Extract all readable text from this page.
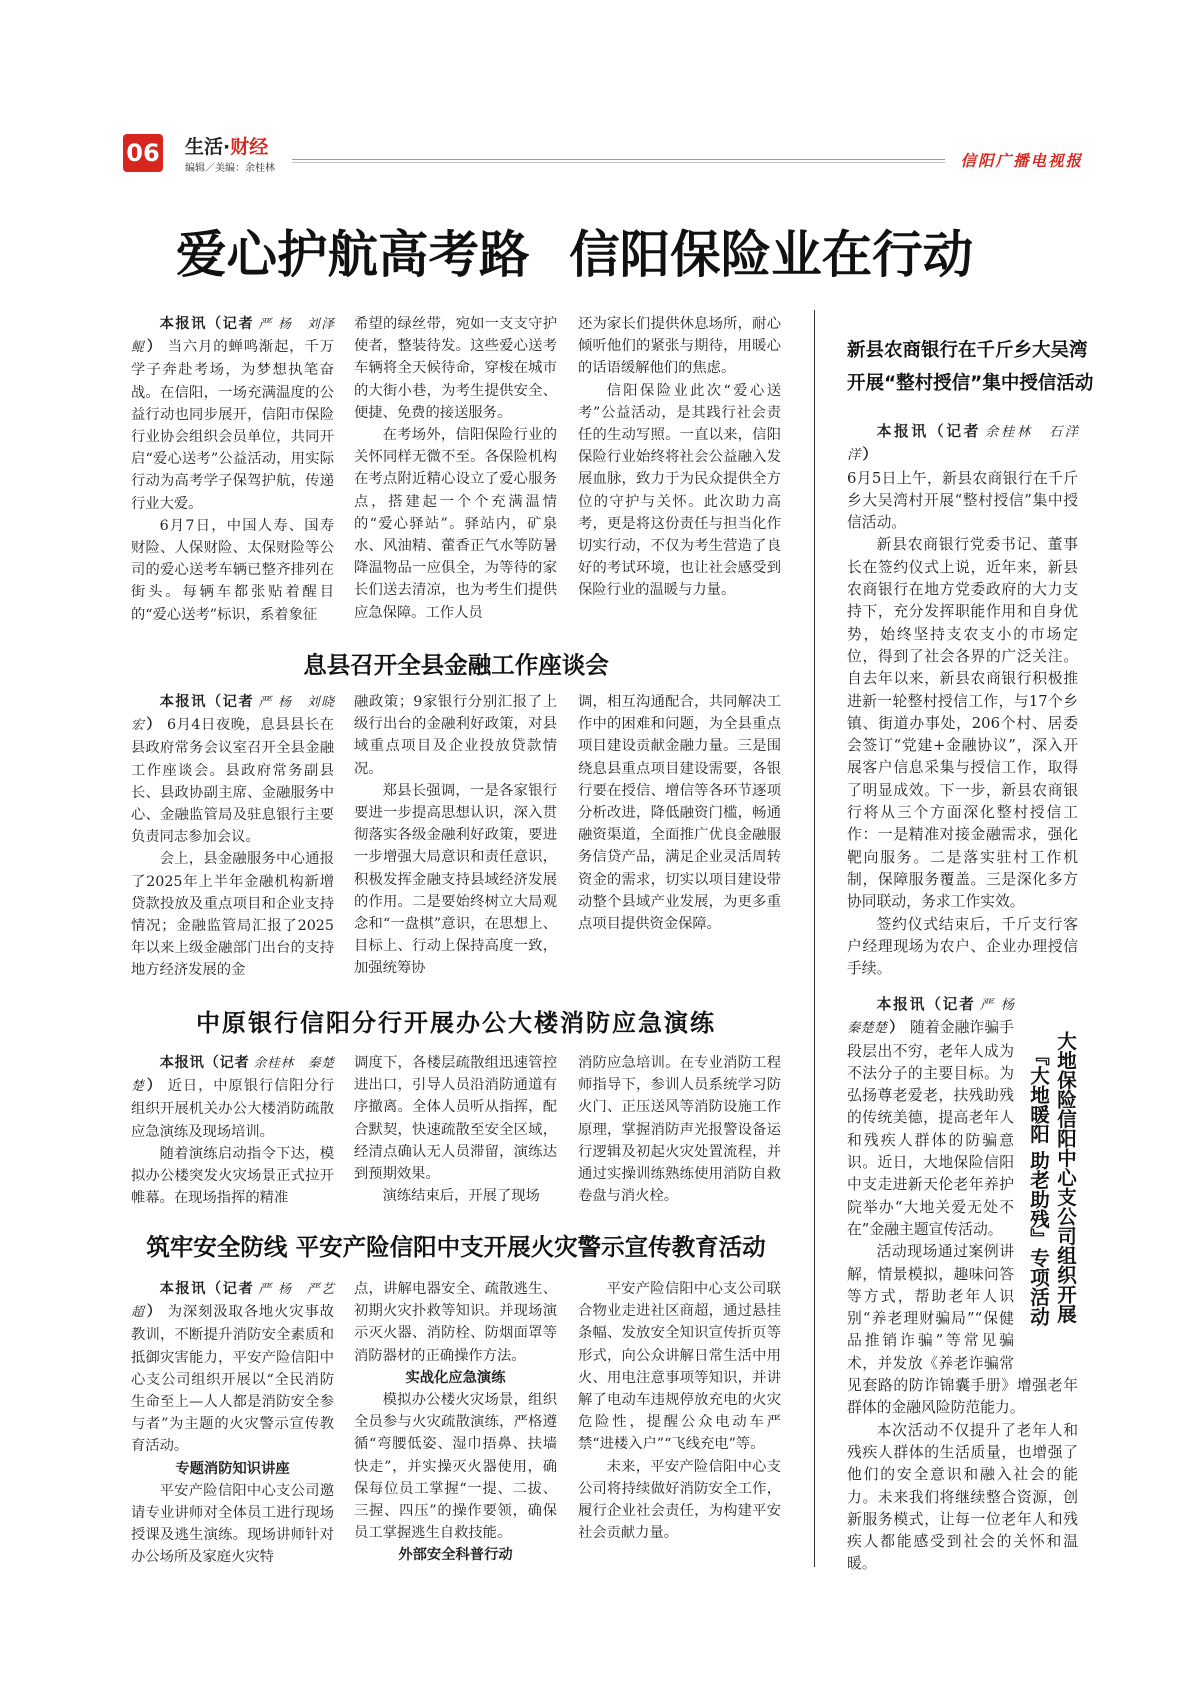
06 生活·财经
编辑／美编：余桂林	信阳广播电视报
爱心护航高考路 信阳保险业在行动

本报讯（记者 严 杨　刘泽鲲 ） 当六月的蝉鸣渐起，千万学子奔赴考场，为梦想执笔奋战。在信阳，一场充满温度的公益行动也同步展开，信阳市保险行业协会组织会员单位，共同开启“爱心送考”公益活动，用实际行动为高考学子保驾护航，传递行业大爱。

6月7日，中国人寿、国寿财险、人保财险、太保财险等公司的爱心送考车辆已整齐排列在街头。每辆车都张贴着醒目的“爱心送考”标识，系着象征

希望的绿丝带，宛如一支支守护使者，整装待发。这些爱心送考车辆将全天候待命，穿梭在城市的大街小巷，为考生提供安全、便捷、免费的接送服务。

在考场外，信阳保险行业的关怀同样无微不至。各保险机构在考点附近精心设立了爱心服务点，搭建起一个个充满温情的“爱心驿站”。驿站内，矿泉水、风油精、藿香正气水等防暑降温物品一应俱全，为等待的家长们送去清凉，也为考生们提供应急保障。工作人员

还为家长们提供休息场所，耐心倾听他们的紧张与期待，用暖心的话语缓解他们的焦虑。

信阳保险业此次“爱心送考”公益活动，是其践行社会责任的生动写照。一直以来，信阳保险行业始终将社会公益融入发展血脉，致力于为民众提供全方位的守护与关怀。此次助力高考，更是将这份责任与担当化作切实行动，不仅为考生营造了良好的考试环境，也让社会感受到保险行业的温暖与力量。

息县召开全县金融工作座谈会

本报讯（记者 严 杨　刘晓宏 ） 6月4日夜晚，息县县长在县政府常务会议室召开全县金融工作座谈会。县政府常务副县长、县政协副主席、金融服务中心、金融监管局及驻息银行主要负责同志参加会议。

会上，县金融服务中心通报了2025年上半年金融机构新增贷款投放及重点项目和企业支持情况；金融监管局汇报了2025年以来上级金融部门出台的支持地方经济发展的金

融政策；9家银行分别汇报了上级行出台的金融利好政策，对县域重点项目及企业投放贷款情况。

郑县长强调，一是各家银行要进一步提高思想认识，深入贯彻落实各级金融利好政策，要进一步增强大局意识和责任意识，积极发挥金融支持县域经济发展的作用。二是要始终树立大局观念和“一盘棋”意识，在思想上、目标上、行动上保持高度一致，加强统筹协

调，相互沟通配合，共同解决工作中的困难和问题，为全县重点项目建设贡献金融力量。三是围绕息县重点项目建设需要，各银行要在授信、增信等各环节逐项分析改进，降低融资门槛，畅通融资渠道，全面推广优良金融服务信贷产品，满足企业灵活周转资金的需求，切实以项目建设带动整个县域产业发展，为更多重点项目提供资金保障。

中原银行信阳分行开展办公大楼消防应急演练

本报讯（记者 余桂林　秦楚楚 ） 近日，中原银行信阳分行组织开展机关办公大楼消防疏散应急演练及现场培训。

随着演练启动指令下达，模拟办公楼突发火灾场景正式拉开帷幕。在现场指挥的精准

调度下，各楼层疏散组迅速管控进出口，引导人员沿消防通道有序撤离。全体人员听从指挥，配合默契，快速疏散至安全区域，经清点确认无人员滞留，演练达到预期效果。

演练结束后，开展了现场

消防应急培训。在专业消防工程师指导下，参训人员系统学习防火门、正压送风等消防设施工作原理，掌握消防声光报警设备运行逻辑及初起火灾处置流程，并通过实操训练熟练使用消防自救卷盘与消火栓。

筑牢安全防线 平安产险信阳中支开展火灾警示宣传教育活动

本报讯（记者 严 杨　严艺超 ） 为深刻汲取各地火灾事故教训，不断提升消防安全素质和抵御灾害能力，平安产险信阳中心支公司组织开展以“全民消防 生命至上—人人都是消防安全参与者”为主题的火灾警示宣传教育活动。

专题消防知识讲座

平安产险信阳中心支公司邀请专业讲师对全体员工进行现场授课及逃生演练。现场讲师针对办公场所及家庭火灾特

点，讲解电器安全、疏散逃生、初期火灾扑救等知识。并现场演示灭火器、消防栓、防烟面罩等消防器材的正确操作方法。

实战化应急演练

模拟办公楼火灾场景，组织全员参与火灾疏散演练，严格遵循“弯腰低姿、湿巾捂鼻、扶墙快走”，并实操灭火器使用，确保每位员工掌握“一提、二拔、三握、四压”的操作要领，确保员工掌握逃生自救技能。

外部安全科普行动

平安产险信阳中心支公司联合物业走进社区商超，通过悬挂条幅、发放安全知识宣传折页等形式，向公众讲解日常生活中用火、用电注意事项等知识，并讲解了电动车违规停放充电的火灾危险性，提醒公众电动车严禁“进楼入户”“飞线充电”等。

未来，平安产险信阳中心支公司将持续做好消防安全工作，履行企业社会责任，为构建平安社会贡献力量。

新县农商银行在千斤乡大吴湾
开展“整村授信”集中授信活动

本报讯（记者 余桂林　石洋洋 ）

6月5日上午，新县农商银行在千斤乡大吴湾村开展“整村授信”集中授信活动。

新县农商银行党委书记、董事长在签约仪式上说，近年来，新县农商银行在地方党委政府的大力支持下，充分发挥职能作用和自身优势，始终坚持支农支小的市场定位，得到了社会各界的广泛关注。自去年以来，新县农商银行积极推进新一轮整村授信工作，与17个乡镇、街道办事处，206个村、居委会签订“党建+金融协议”，深入开展客户信息采集与授信工作，取得了明显成效。下一步，新县农商银行将从三个方面深化整村授信工作：一是精准对接金融需求，强化靶向服务。二是落实驻村工作机制，保障服务覆盖。三是深化多方协同联动，务求工作实效。

签约仪式结束后，千斤支行客户经理现场为农户、企业办理授信手续。

大地保险信阳中心支公司组织开展
『大地暖阳 助老助残』专项活动

本报讯（记者 严 杨　秦楚楚 ） 随着金融诈骗手段层出不穷，老年人成为不法分子的主要目标。为弘扬尊老爱老，扶残助残的传统美德，提高老年人和残疾人群体的防骗意识。近日，大地保险信阳中支走进新天伦老年养护院举办“大地关爱无处不在”金融主题宣传活动。

活动现场通过案例讲解，情景模拟，趣味问答等方式，帮助老年人识别“养老理财骗局”“保健品推销诈骗”等常见骗术，并发放《养老诈骗常见套路的防诈锦囊手册》增强老年群体的金融风险防范能力。

本次活动不仅提升了老年人和残疾人群体的生活质量，也增强了他们的安全意识和融入社会的能力。未来我们将继续整合资源，创新服务模式，让每一位老年人和残疾人都能感受到社会的关怀和温暖。
